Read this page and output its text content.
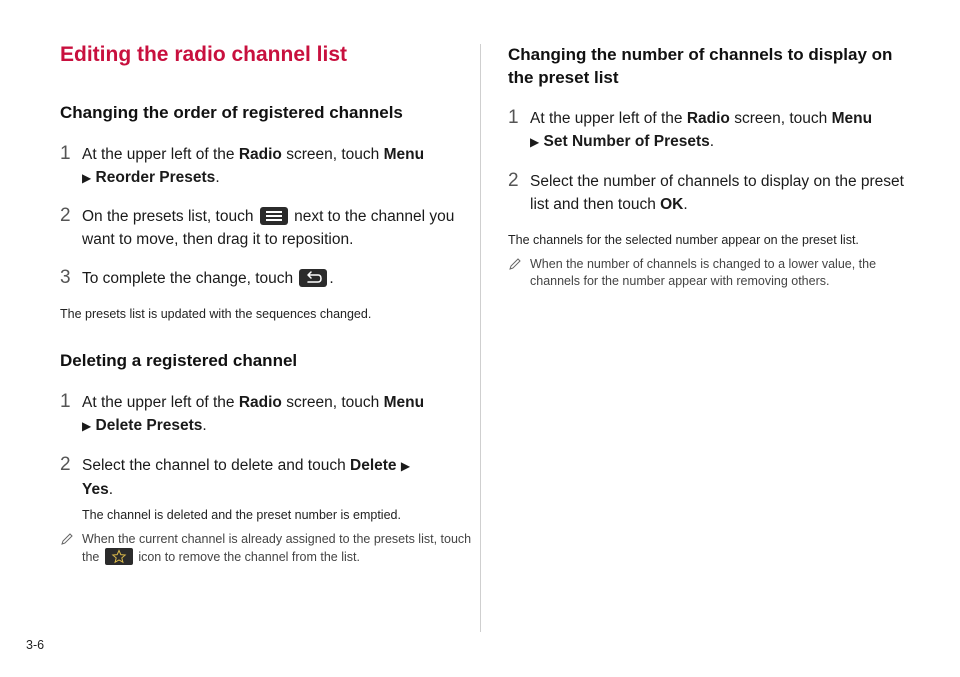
Editing the radio channel list
Changing the order of registered channels
1 At the upper left of the Radio screen, touch Menu
▶ Reorder Presets.
2 On the presets list, touch
next to the channel you want to move, then drag it to reposition.
3 To complete the change, touch .
The presets list is updated with the sequences changed.
Deleting a registered channel
1 At the upper left of the Radio screen, touch Menu
▶ Delete Presets.
2 Select the channel to delete and touch Delete ▶
Yes.
The channel is deleted and the preset number is emptied.
When the current channel is already assigned to the presets list, touch the	icon to remove the channel from the list.
Changing the number of channels to display on the preset list
1 At the upper left of the Radio screen, touch Menu
▶ Set Number of Presets.
2 Select the number of channels to display on the preset list and then touch OK.
The channels for the selected number appear on the preset list.
When the number of channels is changed to a lower value, the channels for the number appear with removing others.
3-6
